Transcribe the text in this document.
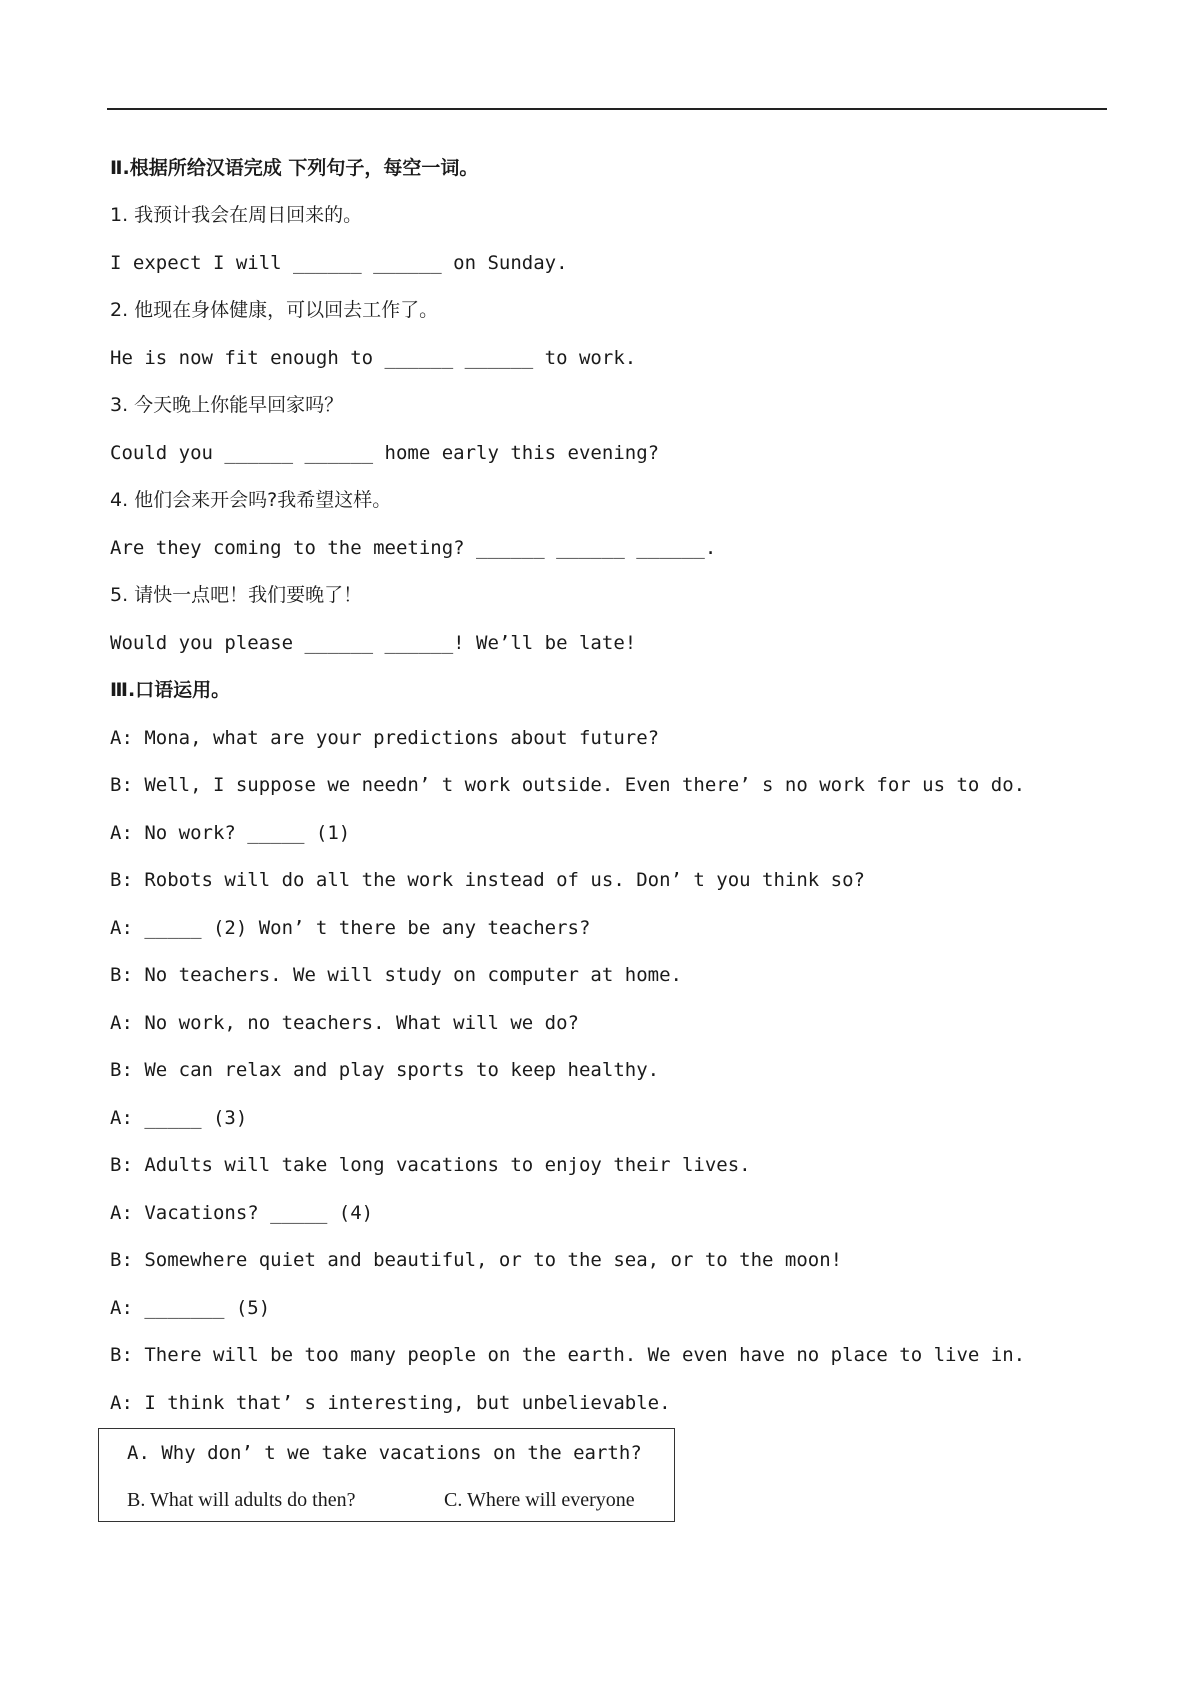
Ⅱ.根据所给汉语完成 下列句子，每空一词。
1. 我预计我会在周日回来的。
I expect I will ______ ______ on Sunday.
2. 他现在身体健康，可以回去工作了。
He is now fit enough to ______ ______ to work.
3. 今天晚上你能早回家吗？
Could you ______ ______ home early this evening?
4. 他们会来开会吗?我希望这样。
Are they coming to the meeting? ______ ______ ______.
5. 请快一点吧！我们要晚了！
Would you please ______ ______! We’ll be late!
Ⅲ.口语运用。
A: Mona, what are your predictions about future?
B: Well, I suppose we needn’ t work outside. Even there’ s no work for us to do.
A: No work? _____ (1)
B: Robots will do all the work instead of us. Don’ t you think so?
A: _____ (2) Won’ t there be any teachers?
B: No teachers. We will study on computer at home.
A: No work, no teachers. What will we do?
B: We can relax and play sports to keep healthy.
A: _____ (3)
B: Adults will take long vacations to enjoy their lives.
A: Vacations? _____ (4)
B: Somewhere quiet and beautiful, or to the sea, or to the moon!
A: _______ (5)
B: There will be too many people on the earth. We even have no place to live in.
A: I think that’ s interesting, but unbelievable.
A. Why don’ t we take vacations on the earth?
B. What will adults do then?	C. Where will everyone
